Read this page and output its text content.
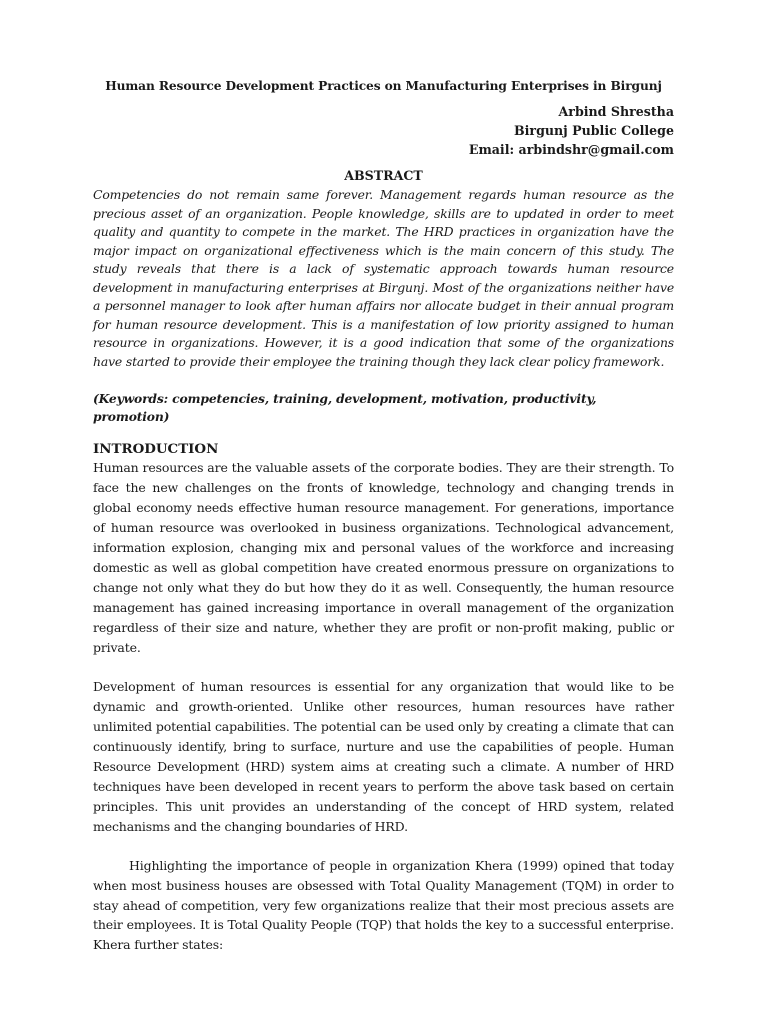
Human Resource Development Practices on Manufacturing Enterprises in Birgunj
Arbind Shrestha
Birgunj Public College
Email: arbindshr@gmail.com
ABSTRACT

Competencies do not remain same forever. Management regards human resource as the precious asset of an organization. People knowledge, skills are to updated in order to meet quality and quantity to compete in the market. The HRD practices in organization have the major impact on organizational effectiveness which is the main concern of this study. The study reveals that there is a lack of systematic approach towards human resource development in manufacturing enterprises at Birgunj. Most of the organizations neither have a personnel manager to look after human affairs nor allocate budget in their annual program for human resource development. This is a manifestation of low priority assigned to human resource in organizations. However, it is a good indication that some of the organizations have started to provide their employee the training though they lack clear policy framework.

(Keywords: competencies, training, development, motivation, productivity, promotion)

INTRODUCTION

Human resources are the valuable assets of the corporate bodies. They are their strength. To face the new challenges on the fronts of knowledge, technology and changing trends in global economy needs effective human resource management. For generations, importance of human resource was overlooked in business organizations. Technological advancement, information explosion, changing mix and personal values of the workforce and increasing domestic as well as global competition have created enormous pressure on organizations to change not only what they do but how they do it as well. Consequently, the human resource management has gained increasing importance in overall management of the organization regardless of their size and nature, whether they are profit or non-profit making, public or private.

Development of human resources is essential for any organization that would like to be dynamic and growth-oriented. Unlike other resources, human resources have rather unlimited potential capabilities. The potential can be used only by creating a climate that can continuously identify, bring to surface, nurture and use the capabilities of people. Human Resource Development (HRD) system aims at creating such a climate. A number of HRD techniques have been developed in recent years to perform the above task based on certain principles. This unit provides an understanding of the concept of HRD system, related mechanisms and the changing boundaries of HRD.

Highlighting the importance of people in organization Khera (1999) opined that today when most business houses are obsessed with Total Quality Management (TQM) in order to stay ahead of competition, very few organizations realize that their most precious assets are their employees. It is Total Quality People (TQP) that holds the key to a successful enterprise. Khera further states:
